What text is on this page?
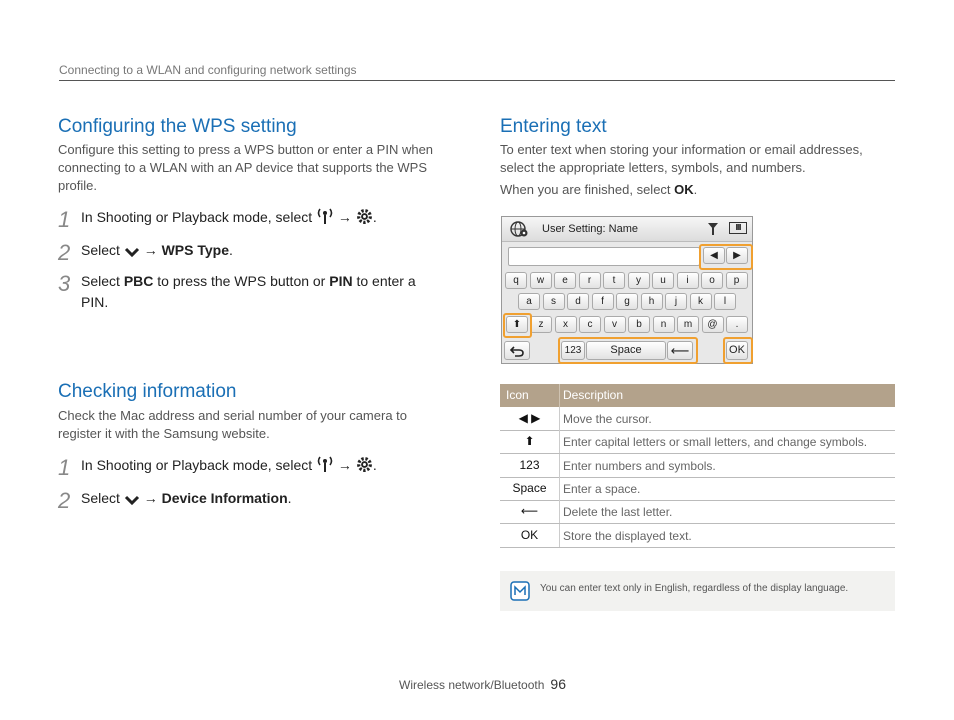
Connecting to a WLAN and configuring network settings
Configuring the WPS setting
Configure this setting to press a WPS button or enter a PIN when
connecting to a WLAN with an AP device that supports the WPS
profile.
1 In Shooting or Playback mode, select → .
2 Select → WPS Type.
3 Select PBC to press the WPS button or PIN to enter a
PIN.
Checking information
Check the Mac address and serial number of your camera to
register it with the Samsung website.
1 In Shooting or Playback mode, select → .
2 Select → Device Information.
Entering text
To enter text when storing your information or email addresses,
select the appropriate letters, symbols, and numbers.
When you are finished, select OK.
User Setting: Name	IIII
◀	▶
q	w	e	r	t	y	u	i	o	p
a	s	d	f	g	h	j	k	l
z	x	c	v	b	n	m	@	.
⬆
123	Space	⟵	OK
Icon	Description
◀ ▶	Move the cursor.
⬆	Enter capital letters or small letters, and change symbols.
123	Enter numbers and symbols.
Space	Enter a space.
⟵	Delete the last letter.
OK	Store the displayed text.
You can enter text only in English, regardless of the display language.
Wireless network/Bluetooth 96
